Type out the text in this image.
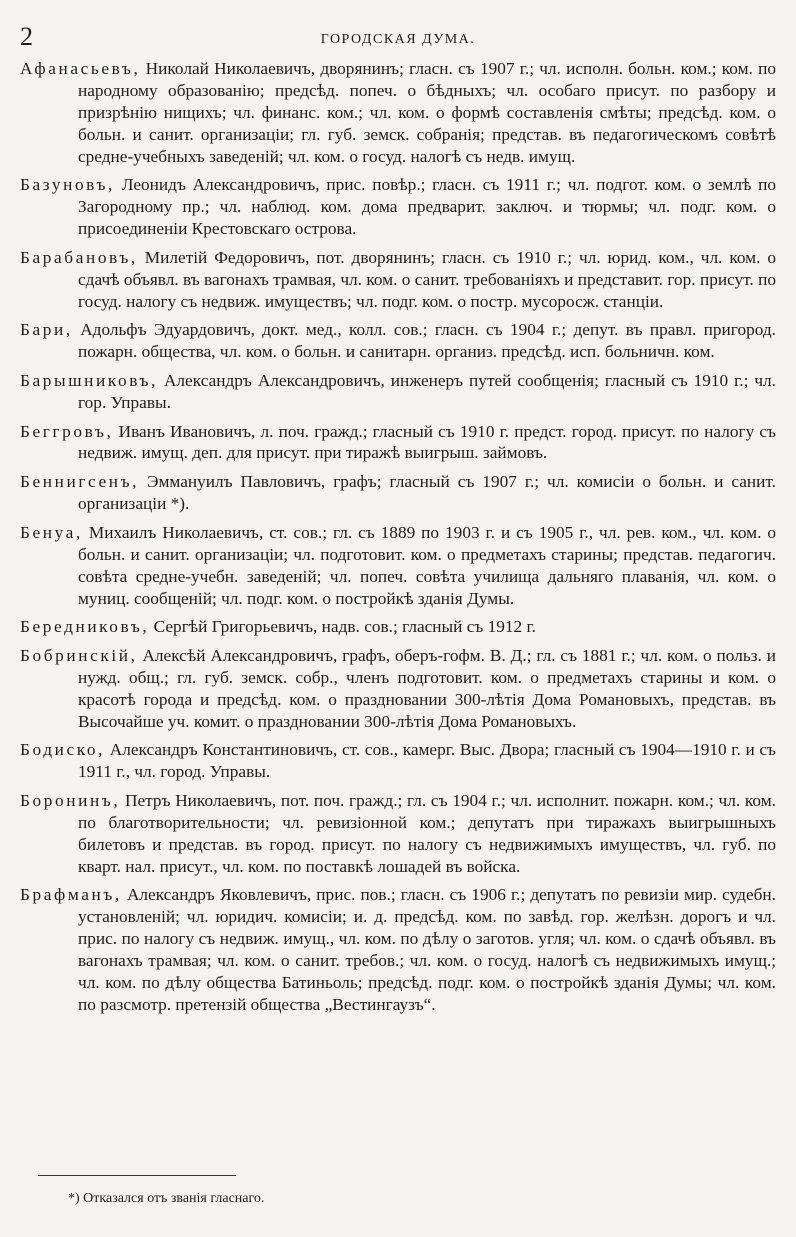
2	ГОРОДСКАЯ ДУМА.

Афанасьевъ, Николай Николаевичъ, дворянинъ; гласн. съ 1907 г.; чл. исполн. больн. ком.; ком. по народному образованію; предсѣд. попеч. о бѣдныхъ; чл. особаго присут. по разбору и призрѣнію нищихъ; чл. финанс. ком.; чл. ком. о формѣ составленія смѣты; предсѣд. ком. о больн. и санит. организаціи; гл. губ. земск. собранія; представ. въ педагогическомъ совѣтѣ средне-учебныхъ заведеній; чл. ком. о госуд. налогѣ съ недв. имущ.

Базуновъ, Леонидъ Александровичъ, прис. повѣр.; гласн. съ 1911 г.; чл. подгот. ком. о землѣ по Загородному пр.; чл. наблюд. ком. дома предварит. заключ. и тюрмы; чл. подг. ком. о присоединеніи Крестовскаго острова.

Барабановъ, Милетій Федоровичъ, пот. дворянинъ; гласн. съ 1910 г.; чл. юрид. ком., чл. ком. о сдачѣ объявл. въ вагонахъ трамвая, чл. ком. о санит. требованіяхъ и представит. гор. присут. по госуд. налогу съ недвиж. имуществъ; чл. подг. ком. о постр. мусоросж. станціи.

Бари, Адольфъ Эдуардовичъ, докт. мед., колл. сов.; гласн. съ 1904 г.; депут. въ правл. пригород. пожарн. общества, чл. ком. о больн. и санитарн. организ. предсѣд. исп. больничн. ком.

Барышниковъ, Александръ Александровичъ, инженеръ путей сообщенія; гласный съ 1910 г.; чл. гор. Управы.

Беггровъ, Иванъ Ивановичъ, л. поч. гражд.; гласный съ 1910 г. предст. город. присут. по налогу съ недвиж. имущ. деп. для присут. при тиражѣ выигрыш. займовъ.

Беннигсенъ, Эммануилъ Павловичъ, графъ; гласный съ 1907 г.; чл. комисіи о больн. и санит. организаціи *).

Бенуа, Михаилъ Николаевичъ, ст. сов.; гл. съ 1889 по 1903 г. и съ 1905 г., чл. рев. ком., чл. ком. о больн. и санит. организаціи; чл. подготовит. ком. о предметахъ старины; представ. педагогич. совѣта средне-учебн. заведеній; чл. попеч. совѣта училища дальняго плаванія, чл. ком. о муниц. сообщеній; чл. подг. ком. о постройкѣ зданія Думы.

Бередниковъ, Сергѣй Григорьевичъ, надв. сов.; гласный съ 1912 г.

Бобринскій, Алексѣй Александровичъ, графъ, оберъ-гофм. В. Д.; гл. съ 1881 г.; чл. ком. о польз. и нужд. общ.; гл. губ. земск. собр., членъ подготовит. ком. о предметахъ старины и ком. о красотѣ города и предсѣд. ком. о праздновании 300-лѣтія Дома Романовыхъ, представ. въ Высочайше уч. комит. о праздновании 300-лѣтія Дома Романовыхъ.

Бодиско, Александръ Константиновичъ, ст. сов., камерг. Выс. Двора; гласный съ 1904—1910 г. и съ 1911 г., чл. город. Управы.

Боронинъ, Петръ Николаевичъ, пот. поч. гражд.; гл. съ 1904 г.; чл. исполнит. пожарн. ком.; чл. ком. по благотворительности; чл. ревизіонной ком.; депутатъ при тиражахъ выигрышныхъ билетовъ и представ. въ город. присут. по налогу съ недвижимыхъ имуществъ, чл. губ. по кварт. нал. присут., чл. ком. по поставкѣ лошадей въ войска.

Брафманъ, Александръ Яковлевичъ, прис. пов.; гласн. съ 1906 г.; депутатъ по ревизіи мир. судебн. установленій; чл. юридич. комисіи; и. д. предсѣд. ком. по завѣд. гор. желѣзн. дорогъ и чл. прис. по налогу съ недвиж. имущ., чл. ком. по дѣлу о заготов. угля; чл. ком. о сдачѣ объявл. въ вагонахъ трамвая; чл. ком. о санит. требов.; чл. ком. о госуд. налогѣ съ недвижимыхъ имущ.; чл. ком. по дѣлу общества Батиньоль; предсѣд. подг. ком. о постройкѣ зданія Думы; чл. ком. по разсмотр. претензій общества „Вестингаузъ“.

*) Отказался отъ званія гласнаго.
